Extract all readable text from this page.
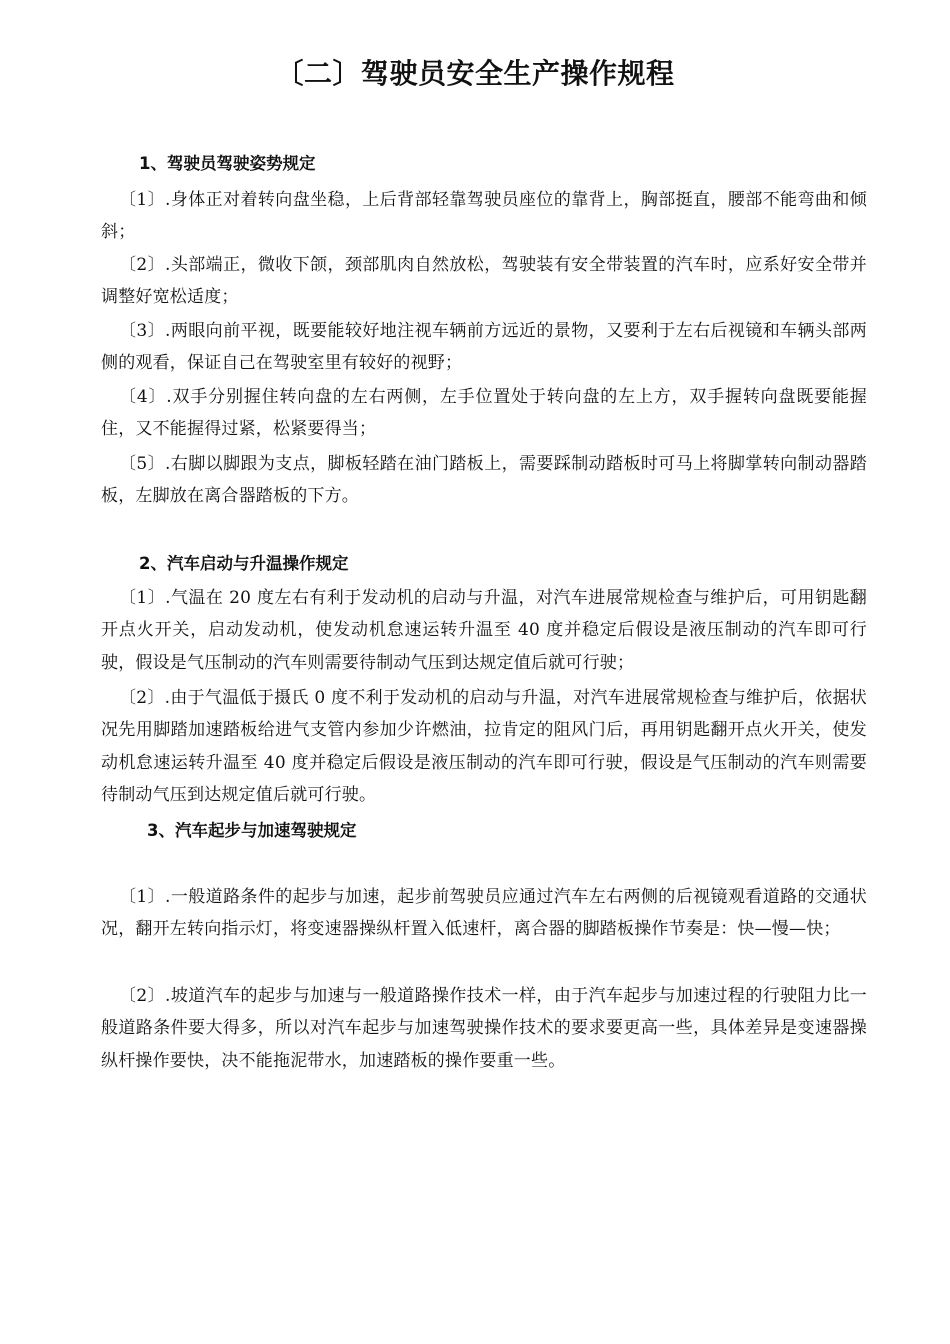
〔二〕驾驶员安全生产操作规程
1、驾驶员驾驶姿势规定
〔1〕.身体正对着转向盘坐稳，上后背部轻靠驾驶员座位的靠背上，胸部挺直，腰部不能弯曲和倾斜；
〔2〕.头部端正，微收下颌，颈部肌肉自然放松，驾驶装有安全带装置的汽车时，应系好安全带并调整好宽松适度；
〔3〕.两眼向前平视，既要能较好地注视车辆前方远近的景物，又要利于左右后视镜和车辆头部两侧的观看，保证自己在驾驶室里有较好的视野；
〔4〕.双手分别握住转向盘的左右两侧，左手位置处于转向盘的左上方，双手握转向盘既要能握住，又不能握得过紧，松紧要得当；
〔5〕.右脚以脚跟为支点，脚板轻踏在油门踏板上，需要踩制动踏板时可马上将脚掌转向制动器踏板，左脚放在离合器踏板的下方。
2、汽车启动与升温操作规定
〔1〕.气温在 20 度左右有利于发动机的启动与升温，对汽车进展常规检查与维护后，可用钥匙翻开点火开关，启动发动机，使发动机怠速运转升温至 40 度并稳定后假设是液压制动的汽车即可行驶，假设是气压制动的汽车则需要待制动气压到达规定值后就可行驶；
〔2〕.由于气温低于摄氏 0 度不利于发动机的启动与升温，对汽车进展常规检查与维护后，依据状况先用脚踏加速踏板给进气支管内参加少许燃油，拉肯定的阻风门后，再用钥匙翻开点火开关，使发动机怠速运转升温至 40 度并稳定后假设是液压制动的汽车即可行驶，假设是气压制动的汽车则需要待制动气压到达规定值后就可行驶。
3、汽车起步与加速驾驶规定
〔1〕.一般道路条件的起步与加速，起步前驾驶员应通过汽车左右两侧的后视镜观看道路的交通状况，翻开左转向指示灯，将变速器操纵杆置入低速杆，离合器的脚踏板操作节奏是：快—慢—快；
〔2〕.坡道汽车的起步与加速与一般道路操作技术一样，由于汽车起步与加速过程的行驶阻力比一般道路条件要大得多，所以对汽车起步与加速驾驶操作技术的要求要更高一些，具体差异是变速器操纵杆操作要快，决不能拖泥带水，加速踏板的操作要重一些。
